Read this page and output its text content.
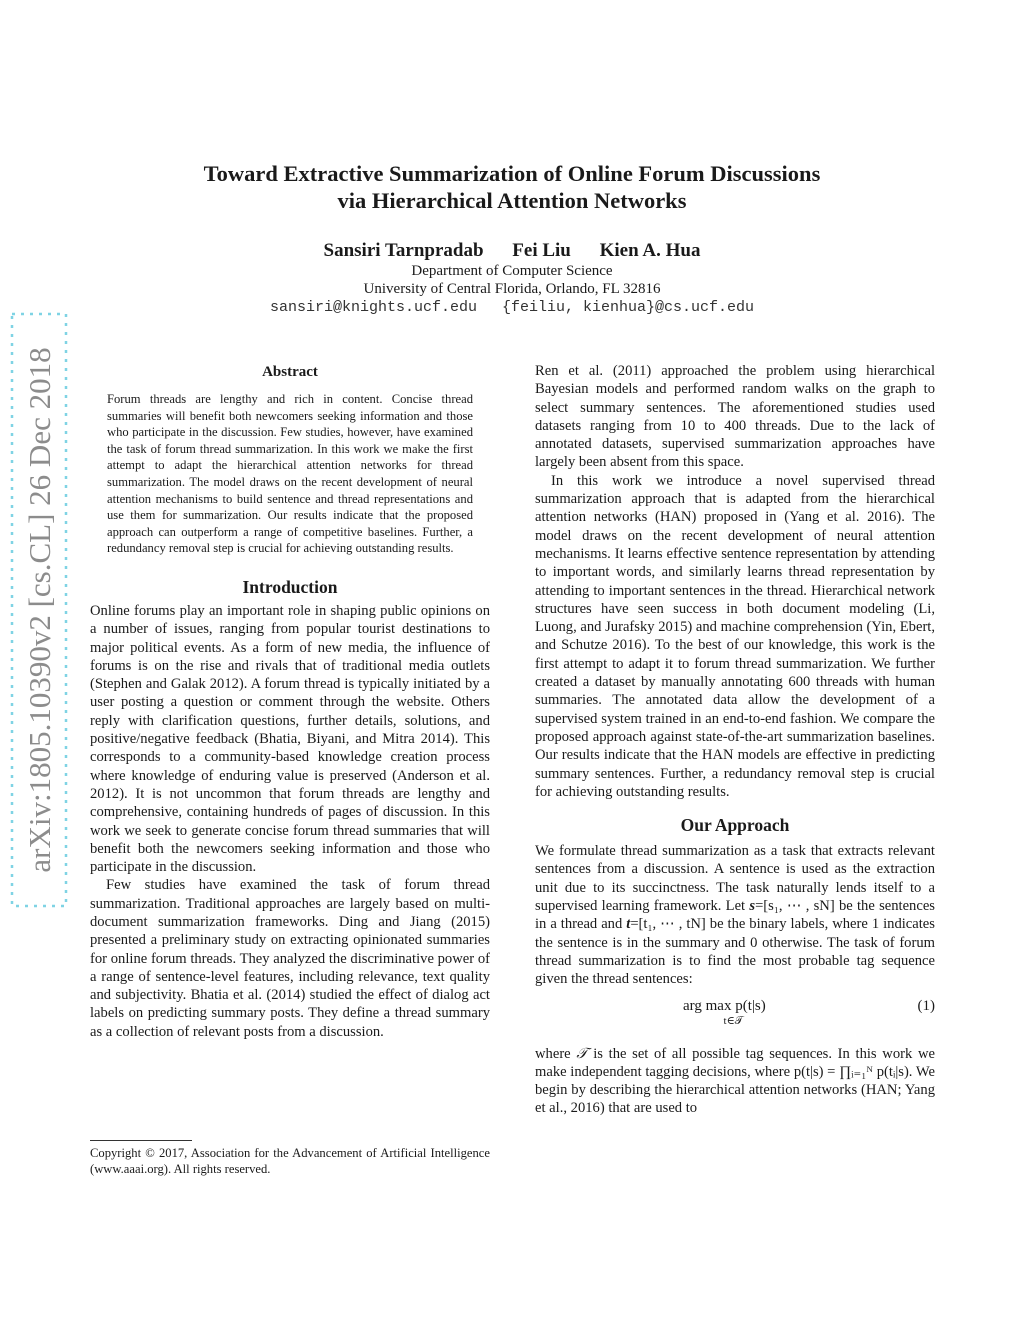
arXiv:1805.10390v2 [cs.CL] 26 Dec 2018
Toward Extractive Summarization of Online Forum Discussions
via Hierarchical Attention Networks
Sansiri Tarnpradab Fei Liu Kien A. Hua
Department of Computer Science
University of Central Florida, Orlando, FL 32816
sansiri@knights.ucf.edu {feiliu, kienhua}@cs.ucf.edu
Abstract

Forum threads are lengthy and rich in content. Concise thread summaries will benefit both newcomers seeking information and those who participate in the discussion. Few studies, however, have examined the task of forum thread summarization. In this work we make the first attempt to adapt the hierarchical attention networks for thread summarization. The model draws on the recent development of neural attention mechanisms to build sentence and thread representations and use them for summarization. Our results indicate that the proposed approach can outperform a range of competitive baselines. Further, a redundancy removal step is crucial for achieving outstanding results.

Introduction

Online forums play an important role in shaping public opinions on a number of issues, ranging from popular tourist destinations to major political events. As a form of new media, the influence of forums is on the rise and rivals that of traditional media outlets (Stephen and Galak 2012). A forum thread is typically initiated by a user posting a question or comment through the website. Others reply with clarification questions, further details, solutions, and positive/negative feedback (Bhatia, Biyani, and Mitra 2014). This corresponds to a community-based knowledge creation process where knowledge of enduring value is preserved (Anderson et al. 2012). It is not uncommon that forum threads are lengthy and comprehensive, containing hundreds of pages of discussion. In this work we seek to generate concise forum thread summaries that will benefit both the newcomers seeking information and those who participate in the discussion.

Few studies have examined the task of forum thread summarization. Traditional approaches are largely based on multi-document summarization frameworks. Ding and Jiang (2015) presented a preliminary study on extracting opinionated summaries for online forum threads. They analyzed the discriminative power of a range of sentence-level features, including relevance, text quality and subjectivity. Bhatia et al. (2014) studied the effect of dialog act labels on predicting summary posts. They define a thread summary as a collection of relevant posts from a discussion.

Copyright © 2017, Association for the Advancement of Artificial Intelligence (www.aaai.org). All rights reserved.

Ren et al. (2011) approached the problem using hierarchical Bayesian models and performed random walks on the graph to select summary sentences. The aforementioned studies used datasets ranging from 10 to 400 threads. Due to the lack of annotated datasets, supervised summarization approaches have largely been absent from this space.

In this work we introduce a novel supervised thread summarization approach that is adapted from the hierarchical attention networks (HAN) proposed in (Yang et al. 2016). The model draws on the recent development of neural attention mechanisms. It learns effective sentence representation by attending to important words, and similarly learns thread representation by attending to important sentences in the thread. Hierarchical network structures have seen success in both document modeling (Li, Luong, and Jurafsky 2015) and machine comprehension (Yin, Ebert, and Schutze 2016). To the best of our knowledge, this work is the first attempt to adapt it to forum thread summarization. We further created a dataset by manually annotating 600 threads with human summaries. The annotated data allow the development of a supervised system trained in an end-to-end fashion. We compare the proposed approach against state-of-the-art summarization baselines. Our results indicate that the HAN models are effective in predicting summary sentences. Further, a redundancy removal step is crucial for achieving outstanding results.

Our Approach

We formulate thread summarization as a task that extracts relevant sentences from a discussion. A sentence is used as the extraction unit due to its succinctness. The task naturally lends itself to a supervised learning framework. Let s=[s₁, ⋯ , sN] be the sentences in a thread and t=[t₁, ⋯ , tN] be the binary labels, where 1 indicates the sentence is in the summary and 0 otherwise. The task of forum thread summarization is to find the most probable tag sequence given the thread sentences:

arg max p(t|s)
t∈𝒯
(1)

where 𝒯 is the set of all possible tag sequences. In this work we make independent tagging decisions, where p(t|s) = ∏ᵢ₌₁ᴺ p(tᵢ|s). We begin by describing the hierarchical attention networks (HAN; Yang et al., 2016) that are used to
